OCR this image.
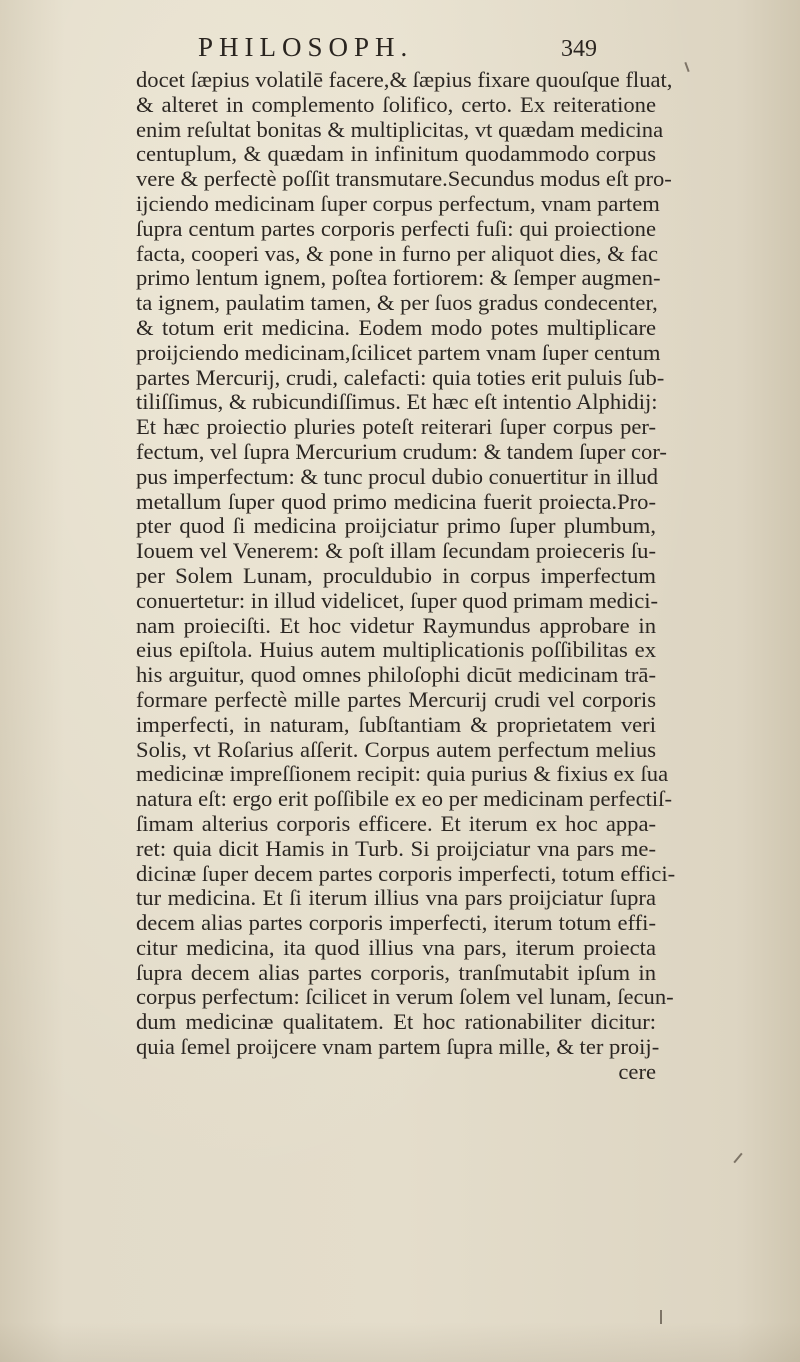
PHILOSOPH.	349
docet ſæpius volatilē facere,& ſæpius fixare quouſque fluat,
& alteret in complemento ſolifico, certo. Ex reiteratione
enim reſultat bonitas & multiplicitas, vt quædam medicina
centuplum, & quædam in infinitum quodammodo corpus
vere & perfectè poſſit transmutare.Secundus modus eſt pro-
ijciendo medicinam ſuper corpus perfectum, vnam partem
ſupra centum partes corporis perfecti fuſi: qui proiectione
facta, cooperi vas, & pone in furno per aliquot dies, & fac
primo lentum ignem, poſtea fortiorem: & ſemper augmen-
ta ignem, paulatim tamen, & per ſuos gradus condecenter,
& totum erit medicina. Eodem modo potes multiplicare
proijciendo medicinam,ſcilicet partem vnam ſuper centum
partes Mercurij, crudi, calefacti: quia toties erit puluis ſub-
tiliſſimus, & rubicundiſſimus. Et hæc eſt intentio Alphidij:
Et hæc proiectio pluries poteſt reiterari ſuper corpus per-
fectum, vel ſupra Mercurium crudum: & tandem ſuper cor-
pus imperfectum: & tunc procul dubio conuertitur in illud
metallum ſuper quod primo medicina fuerit proiecta.Pro-
pter quod ſi medicina proijciatur primo ſuper plumbum,
Iouem vel Venerem: & poſt illam ſecundam proieceris ſu-
per Solem Lunam, proculdubio in corpus imperfectum
conuertetur: in illud videlicet, ſuper quod primam medici-
nam proieciſti. Et hoc videtur Raymundus approbare in
eius epiſtola. Huius autem multiplicationis poſſibilitas ex
his arguitur, quod omnes philoſophi dicūt medicinam trā-
formare perfectè mille partes Mercurij crudi vel corporis
imperfecti, in naturam, ſubſtantiam & proprietatem veri
Solis, vt Roſarius aſſerit. Corpus autem perfectum melius
medicinæ impreſſionem recipit: quia purius & fixius ex ſua
natura eſt: ergo erit poſſibile ex eo per medicinam perfectiſ-
ſimam alterius corporis efficere. Et iterum ex hoc appa-
ret: quia dicit Hamis in Turb. Si proijciatur vna pars me-
dicinæ ſuper decem partes corporis imperfecti, totum effici-
tur medicina. Et ſi iterum illius vna pars proijciatur ſupra
decem alias partes corporis imperfecti, iterum totum effi-
citur medicina, ita quod illius vna pars, iterum proiecta
ſupra decem alias partes corporis, tranſmutabit ipſum in
corpus perfectum: ſcilicet in verum ſolem vel lunam, ſecun-
dum medicinæ qualitatem. Et hoc rationabiliter dicitur:
quia ſemel proijcere vnam partem ſupra mille, & ter proij-
cere
